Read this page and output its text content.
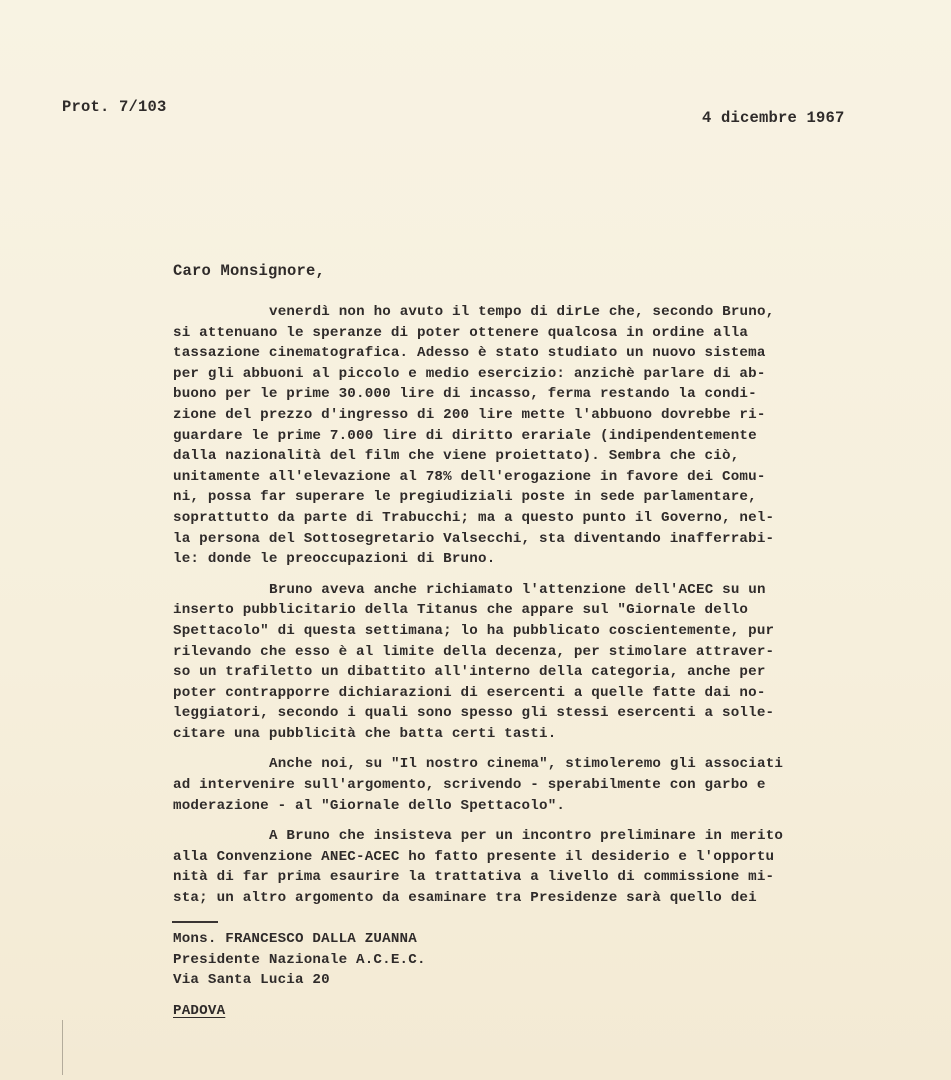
Prot. 7/103
4 dicembre 1967
Caro Monsignore,
venerdì non ho avuto il tempo di dirLe che, secondo Bruno,
si attenuano le speranze di poter ottenere qualcosa in ordine alla
tassazione cinematografica. Adesso è stato studiato un nuovo sistema
per gli abbuoni al piccolo e medio esercizio: anzichè parlare di ab-
buono per le prime 30.000 lire di incasso, ferma restando la condi-
zione del prezzo d'ingresso di 200 lire mette l'abbuono dovrebbe ri-
guardare le prime 7.000 lire di diritto erariale (indipendentemente
dalla nazionalità del film che viene proiettato). Sembra che ciò,
unitamente all'elevazione al 78% dell'erogazione in favore dei Comu-
ni, possa far superare le pregiudiziali poste in sede parlamentare,
soprattutto da parte di Trabucchi; ma a questo punto il Governo, nel-
la persona del Sottosegretario Valsecchi, sta diventando inafferrabi-
le: donde le preoccupazioni di Bruno.
Bruno aveva anche richiamato l'attenzione dell'ACEC su un
inserto pubblicitario della Titanus che appare sul "Giornale dello
Spettacolo" di questa settimana; lo ha pubblicato coscientemente, pur
rilevando che esso è al limite della decenza, per stimolare attraver-
so un trafiletto un dibattito all'interno della categoria, anche per
poter contrapporre dichiarazioni di esercenti a quelle fatte dai no-
leggiatori, secondo i quali sono spesso gli stessi esercenti a solle-
citare una pubblicità che batta certi tasti.
Anche noi, su "Il nostro cinema", stimoleremo gli associati
ad intervenire sull'argomento, scrivendo - sperabilmente con garbo e
moderazione - al "Giornale dello Spettacolo".
A Bruno che insisteva per un incontro preliminare in merito
alla Convenzione ANEC-ACEC ho fatto presente il desiderio e l'opportu
nità di far prima esaurire la trattativa a livello di commissione mi-
sta; un altro argomento da esaminare tra Presidenze sarà quello dei
Mons. FRANCESCO DALLA ZUANNA
Presidente Nazionale A.C.E.C.
Via Santa Lucia 20
PADOVA
